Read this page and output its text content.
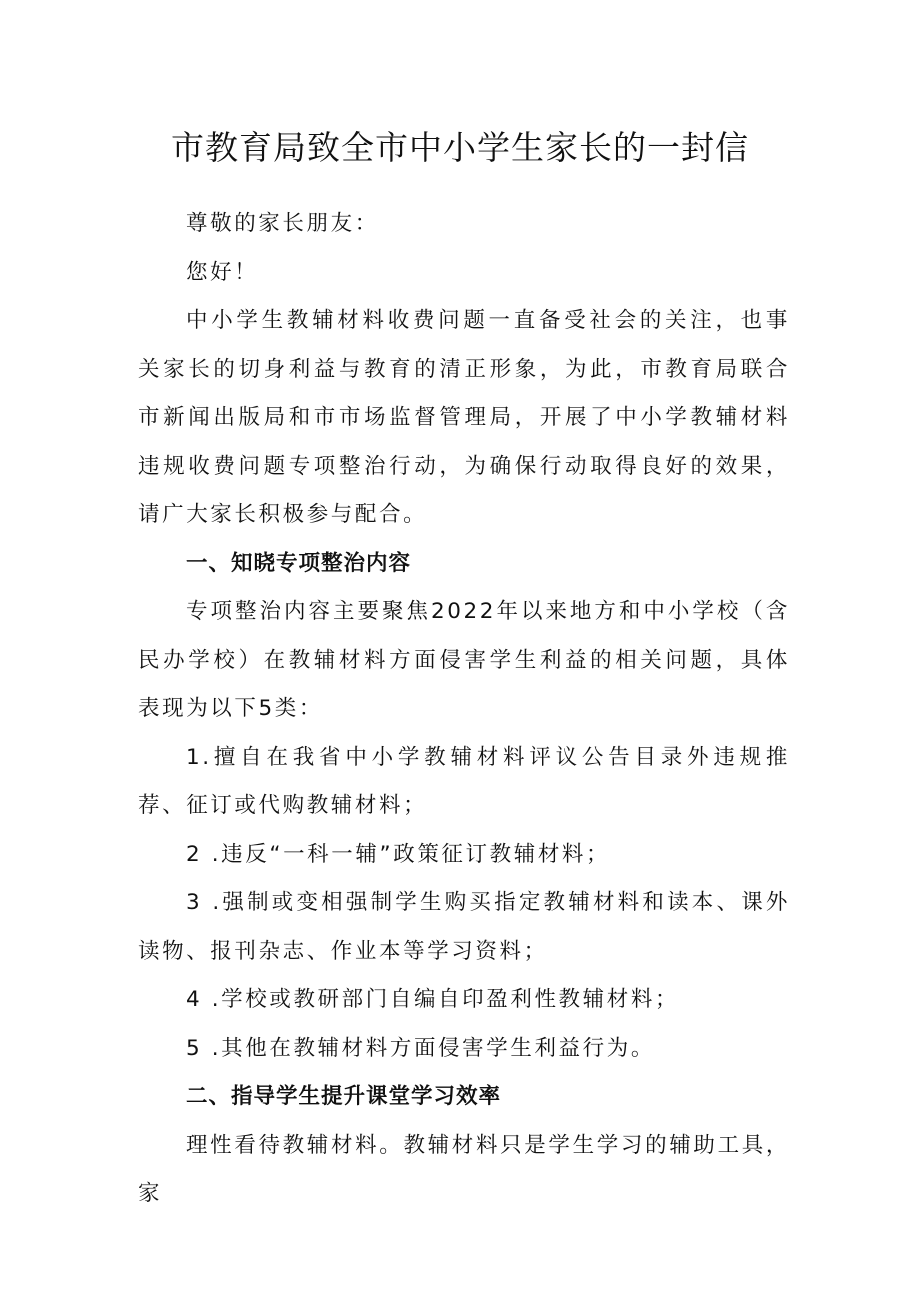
市教育局致全市中小学生家长的一封信

尊敬的家长朋友：

您好！

中小学生教辅材料收费问题一直备受社会的关注，也事 关家长的切身利益与教育的清正形象，为此，市教育局联合 市新闻出版局和市市场监督管理局，开展了中小学教辅材料 违规收费问题专项整治行动，为确保行动取得良好的效果， 请广大家长积极参与配合。

一、知晓专项整治内容

专项整治内容主要聚焦2022年以来地方和中小学校（含 民办学校）在教辅材料方面侵害学生利益的相关问题，具体 表现为以下5类：

1.擅自在我省中小学教辅材料评议公告目录外违规推 荐、征订或代购教辅材料；

2 .违反“一科一辅”政策征订教辅材料；

3 .强制或变相强制学生购买指定教辅材料和读本、课外 读物、报刊杂志、作业本等学习资料；

4 .学校或教研部门自编自印盈利性教辅材料；

5 .其他在教辅材料方面侵害学生利益行为。

二、指导学生提升课堂学习效率

理性看待教辅材料。教辅材料只是学生学习的辅助工具，家
